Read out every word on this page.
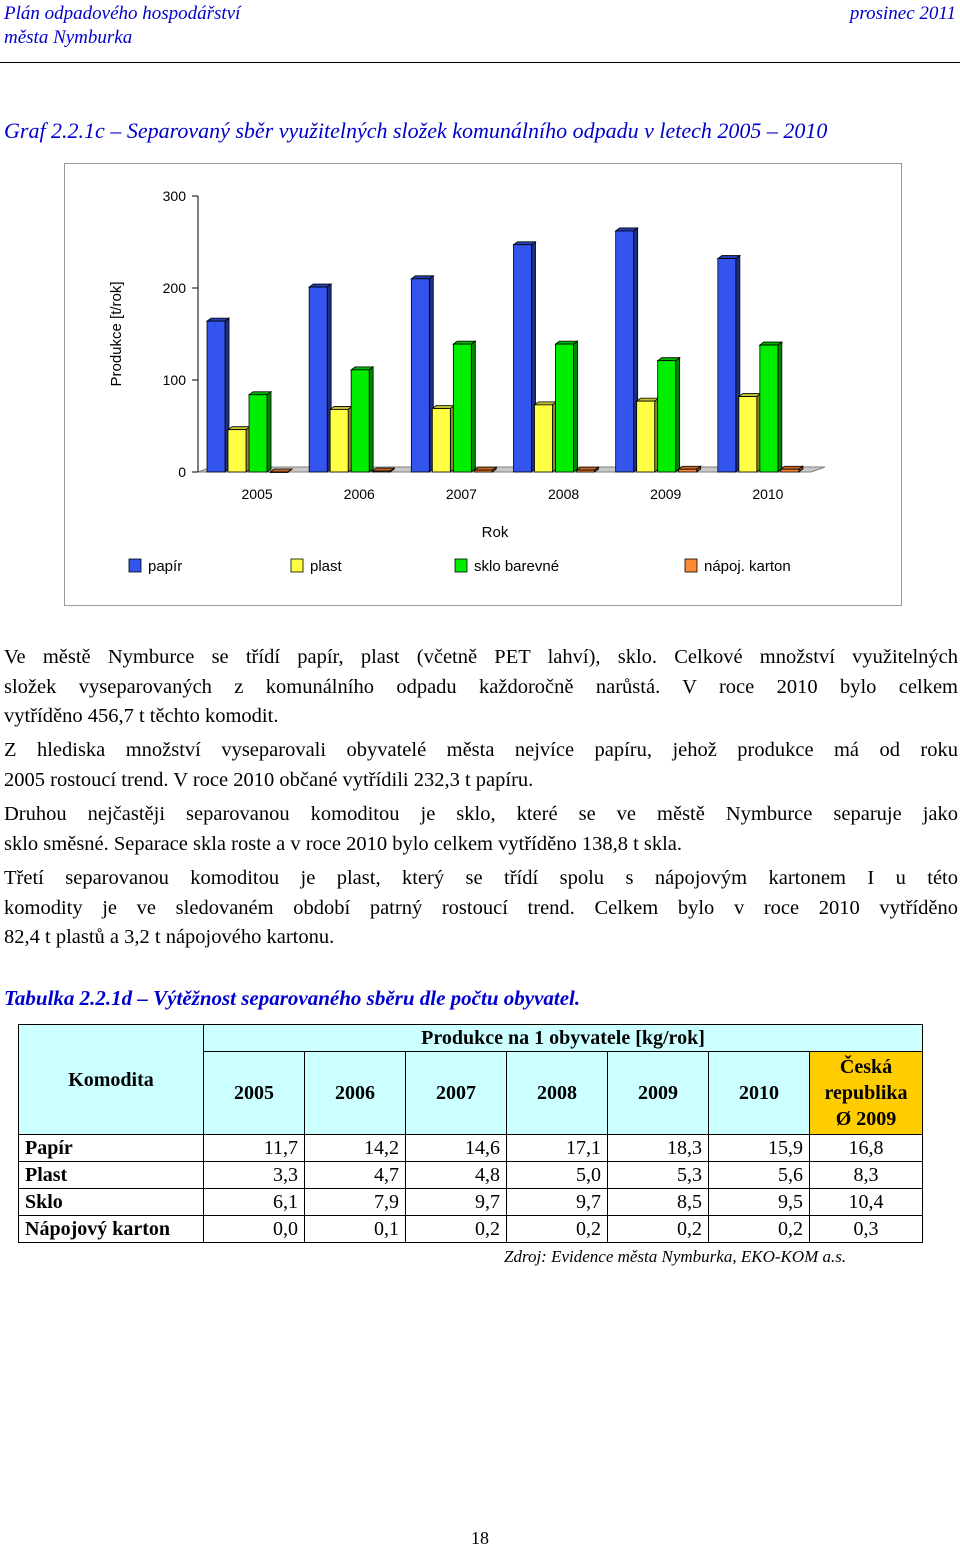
Plán odpadového hospodářství
města Nymburka
prosinec 2011
Graf 2.2.1c – Separovaný sběr využitelných složek komunálního odpadu v letech 2005 – 2010
0
100
200
300
Produkce [t/rok]
2005	2006	2007	2008	2009	2010
Rok
papír	plast	sklo barevné	nápoj. karton
Ve městě Nymburce se třídí papír, plast (včetně PET lahví), sklo. Celkové množství využitelných
složek vyseparovaných z komunálního odpadu každoročně narůstá. V roce 2010 bylo celkem
vytříděno 456,7 t těchto komodit.
Z hlediska množství vyseparovali obyvatelé města nejvíce papíru, jehož produkce má od roku
2005 rostoucí trend. V roce 2010 občané vytřídili 232,3 t papíru.
Druhou nejčastěji separovanou komoditou je sklo, které se ve městě Nymburce separuje jako
sklo směsné. Separace skla roste a v roce 2010 bylo celkem vytříděno 138,8 t skla.
Třetí separovanou komoditou je plast, který se třídí spolu s nápojovým kartonem I u této
komodity je ve sledovaném období patrný rostoucí trend. Celkem bylo v roce 2010 vytříděno
82,4 t plastů a 3,2 t nápojového kartonu.
Tabulka 2.2.1d – Výtěžnost separovaného sběru dle počtu obyvatel.
Komodita	Produkce na 1 obyvatele [kg/rok]						
	2005	2006	2007	2008	2009	2010	Česká
republika
Ø 2009

Papír	11,7	14,2	14,6	17,1	18,3	15,9	16,8
Plast	3,3	4,7	4,8	5,0	5,3	5,6	8,3
Sklo	6,1	7,9	9,7	9,7	8,5	9,5	10,4
Nápojový karton	0,0	0,1	0,2	0,2	0,2	0,2	0,3
Zdroj: Evidence města Nymburka, EKO-KOM a.s.
18
